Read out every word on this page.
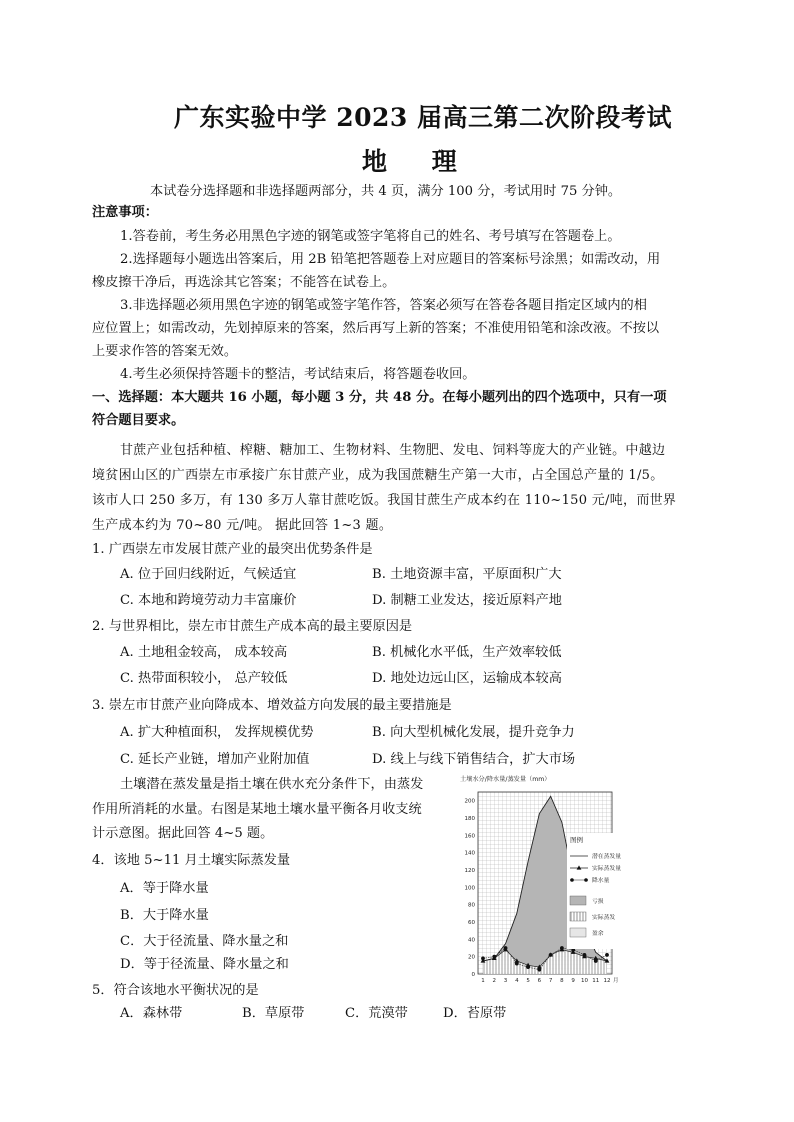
广东实验中学 2023 届高三第二次阶段考试
地 理
本试卷分选择题和非选择题两部分，共 4 页，满分 100 分，考试用时 75 分钟。
注意事项：
1.答卷前，考生务必用黑色字迹的钢笔或签字笔将自己的姓名、考号填写在答题卷上。
2.选择题每小题选出答案后，用 2B 铅笔把答题卷上对应题目的答案标号涂黑；如需改动，用
橡皮擦干净后，再选涂其它答案；不能答在试卷上。
3.非选择题必须用黑色字迹的钢笔或签字笔作答，答案必须写在答卷各题目指定区域内的相
应位置上；如需改动，先划掉原来的答案，然后再写上新的答案；不准使用铅笔和涂改液。不按以
上要求作答的答案无效。
4.考生必须保持答题卡的整洁，考试结束后，将答题卷收回。
一、选择题：本大题共 16 小题，每小题 3 分，共 48 分。在每小题列出的四个选项中，只有一项
符合题目要求。
甘蔗产业包括种植、榨糖、糖加工、生物材料、生物肥、发电、饲料等庞大的产业链。中越边
境贫困山区的广西崇左市承接广东甘蔗产业，成为我国蔗糖生产第一大市，占全国总产量的 1/5。
该市人口 250 多万，有 130 多万人靠甘蔗吃饭。我国甘蔗生产成本约在 110~150 元/吨，而世界
生产成本约为 70~80 元/吨。 据此回答 1~3 题。
1. 广西崇左市发展甘蔗产业的最突出优势条件是
A. 位于回归线附近，气候适宜	B. 土地资源丰富，平原面积广大
C. 本地和跨境劳动力丰富廉价	D. 制糖工业发达，接近原料产地
2. 与世界相比，崇左市甘蔗生产成本高的最主要原因是
A. 土地租金较高， 成本较高	B. 机械化水平低，生产效率较低
C. 热带面积较小， 总产较低	D. 地处边远山区，运输成本较高
3. 崇左市甘蔗产业向降成本、增效益方向发展的最主要措施是
A. 扩大种植面积， 发挥规模优势	B. 向大型机械化发展，提升竞争力
C. 延长产业链，增加产业附加值	D. 线上与线下销售结合，扩大市场
土壤潜在蒸发量是指土壤在供水充分条件下，由蒸发
作用所消耗的水量。右图是某地土壤水量平衡各月收支统
计示意图。据此回答 4~5 题。
4．该地 5~11 月土壤实际蒸发量
A．等于降水量
B．大于降水量
C．大于径流量、降水量之和
D．等于径流量、降水量之和
5．符合该地水平衡状况的是
A．森林带	B．草原带	C．荒漠带	D．苔原带
土壤水分/降水量/蒸发量（mm）
0
20
40
60
80
100
120
140
160
180
200
1 2 3 4 5 6 7 8 9 10 11 12 月
图例
潜在蒸发量
实际蒸发量
降水量
亏损
实际蒸发
盈余
